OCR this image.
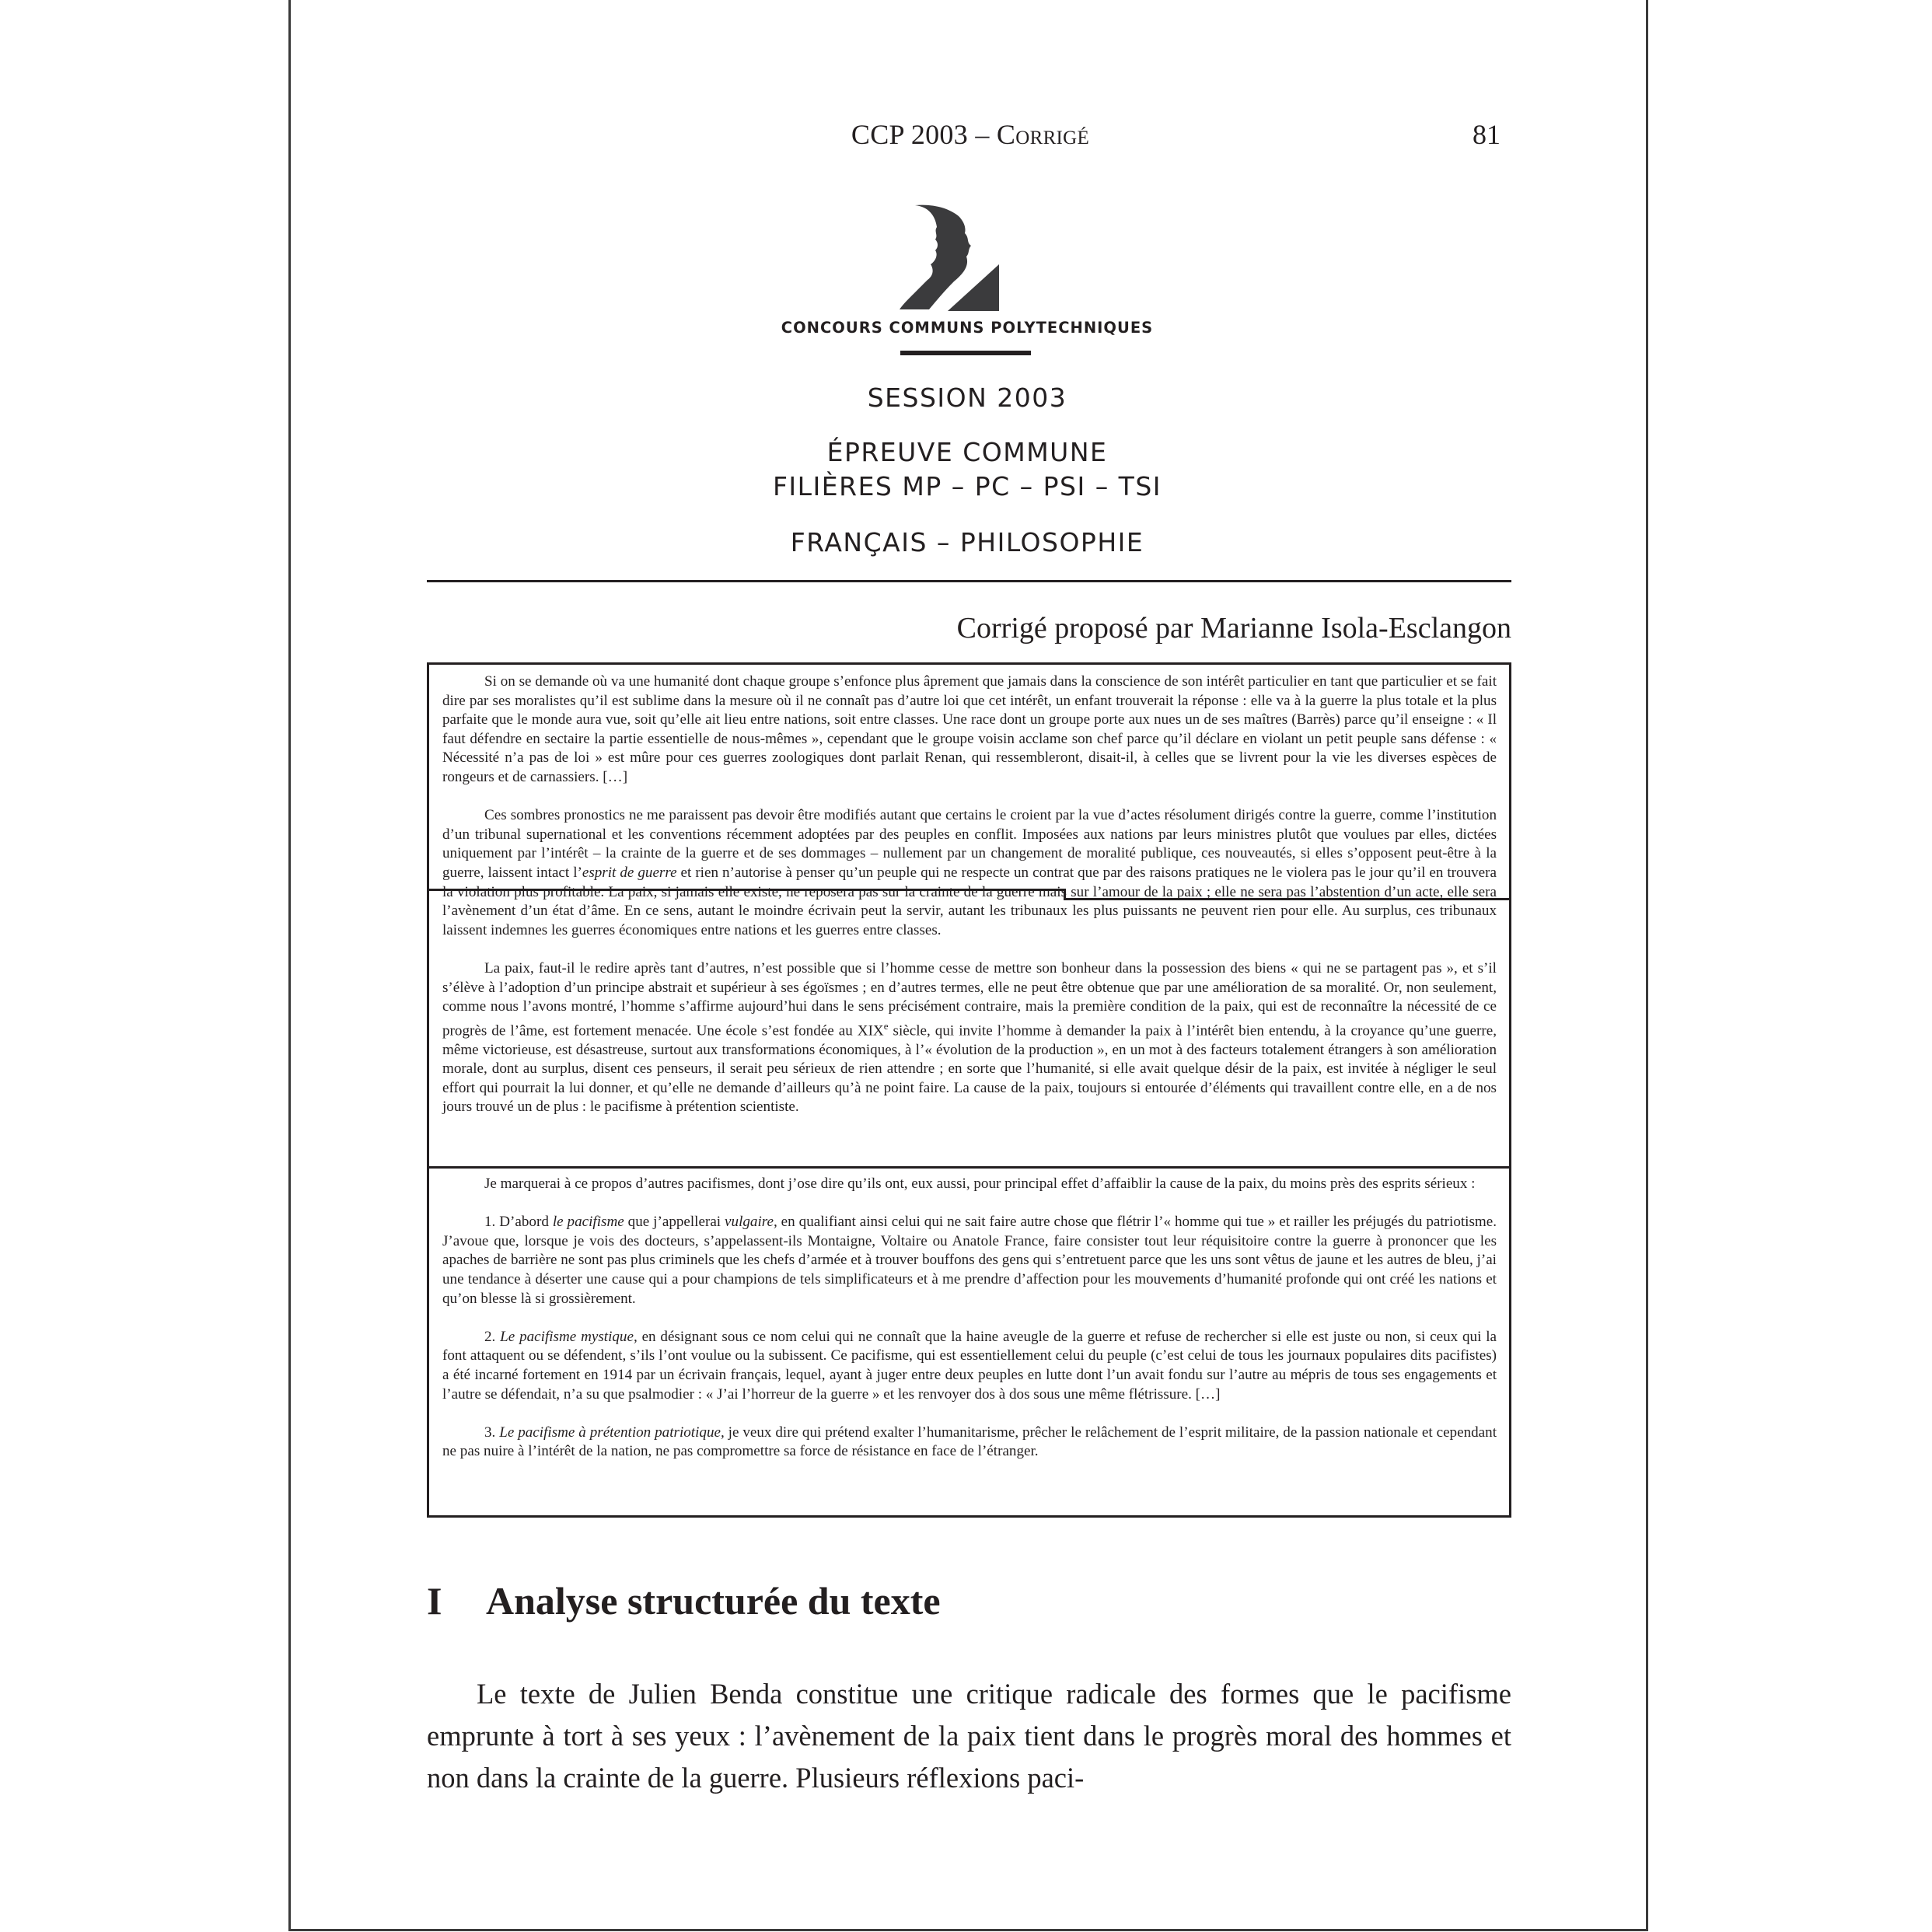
CCP 2003 – Corrigé	81
CONCOURS COMMUNS POLYTECHNIQUES
SESSION 2003
ÉPREUVE COMMUNE
FILIÈRES MP – PC – PSI – TSI
FRANÇAIS – PHILOSOPHIE
Corrigé proposé par Marianne Isola-Esclangon

Si on se demande où va une humanité dont chaque groupe s’enfonce plus âprement que jamais dans la conscience de son intérêt particulier en tant que particulier et se fait dire par ses moralistes qu’il est sublime dans la mesure où il ne connaît pas d’autre loi que cet intérêt, un enfant trouverait la réponse : elle va à la guerre la plus totale et la plus parfaite que le monde aura vue, soit qu’elle ait lieu entre nations, soit entre classes. Une race dont un groupe porte aux nues un de ses maîtres (Barrès) parce qu’il enseigne : « Il faut défendre en sectaire la partie essentielle de nous-mêmes », cependant que le groupe voisin acclame son chef parce qu’il déclare en violant un petit peuple sans défense : « Nécessité n’a pas de loi » est mûre pour ces guerres zoologiques dont parlait Renan, qui ressembleront, disait-il, à celles que se livrent pour la vie les diverses espèces de rongeurs et de carnassiers. […]

Ces sombres pronostics ne me paraissent pas devoir être modifiés autant que certains le croient par la vue d’actes résolument dirigés contre la guerre, comme l’institution d’un tribunal supernational et les conventions récemment adoptées par des peuples en conflit. Imposées aux nations par leurs ministres plutôt que voulues par elles, dictées uniquement par l’intérêt – la crainte de la guerre et de ses dommages – nullement par un changement de moralité publique, ces nouveautés, si elles s’opposent peut-être à la guerre, laissent intact l’esprit de guerre et rien n’autorise à penser qu’un peuple qui ne respecte un contrat que par des raisons pratiques ne le violera pas le jour qu’il en trouvera la violation plus profitable. La paix, si jamais elle existe, ne reposera pas sur la crainte de la guerre mais sur l’amour de la paix ; elle ne sera pas l’abstention d’un acte, elle sera l’avènement d’un état d’âme. En ce sens, autant le moindre écrivain peut la servir, autant les tribunaux les plus puissants ne peuvent rien pour elle. Au surplus, ces tribunaux laissent indemnes les guerres économiques entre nations et les guerres entre classes.

La paix, faut-il le redire après tant d’autres, n’est possible que si l’homme cesse de mettre son bonheur dans la possession des biens « qui ne se partagent pas », et s’il s’élève à l’adoption d’un principe abstrait et supérieur à ses égoïsmes ; en d’autres termes, elle ne peut être obtenue que par une amélioration de sa moralité. Or, non seulement, comme nous l’avons montré, l’homme s’affirme aujourd’hui dans le sens précisément contraire, mais la première condition de la paix, qui est de reconnaître la nécessité de ce progrès de l’âme, est fortement menacée. Une école s’est fondée au XIXe siècle, qui invite l’homme à demander la paix à l’intérêt bien entendu, à la croyance qu’une guerre, même victorieuse, est désastreuse, surtout aux transformations économiques, à l’« évolution de la production », en un mot à des facteurs totalement étrangers à son amélioration morale, dont au surplus, disent ces penseurs, il serait peu sérieux de rien attendre ; en sorte que l’humanité, si elle avait quelque désir de la paix, est invitée à négliger le seul effort qui pourrait la lui donner, et qu’elle ne demande d’ailleurs qu’à ne point faire. La cause de la paix, toujours si entourée d’éléments qui travaillent contre elle, en a de nos jours trouvé un de plus : le pacifisme à prétention scientiste.

Je marquerai à ce propos d’autres pacifismes, dont j’ose dire qu’ils ont, eux aussi, pour principal effet d’affaiblir la cause de la paix, du moins près des esprits sérieux :

1. D’abord le pacifisme que j’appellerai vulgaire, en qualifiant ainsi celui qui ne sait faire autre chose que flétrir l’« homme qui tue » et railler les préjugés du patriotisme. J’avoue que, lorsque je vois des docteurs, s’appelassent-ils Montaigne, Voltaire ou Anatole France, faire consister tout leur réquisitoire contre la guerre à prononcer que les apaches de barrière ne sont pas plus criminels que les chefs d’armée et à trouver bouffons des gens qui s’entretuent parce que les uns sont vêtus de jaune et les autres de bleu, j’ai une tendance à déserter une cause qui a pour champions de tels simplificateurs et à me prendre d’affection pour les mouvements d’humanité profonde qui ont créé les nations et qu’on blesse là si grossièrement.

2. Le pacifisme mystique, en désignant sous ce nom celui qui ne connaît que la haine aveugle de la guerre et refuse de rechercher si elle est juste ou non, si ceux qui la font attaquent ou se défendent, s’ils l’ont voulue ou la subissent. Ce pacifisme, qui est essentiellement celui du peuple (c’est celui de tous les journaux populaires dits pacifistes) a été incarné fortement en 1914 par un écrivain français, lequel, ayant à juger entre deux peuples en lutte dont l’un avait fondu sur l’autre au mépris de tous ses engagements et l’autre se défendait, n’a su que psalmodier : « J’ai l’horreur de la guerre » et les renvoyer dos à dos sous une même flétrissure. […]

3. Le pacifisme à prétention patriotique, je veux dire qui prétend exalter l’humanitarisme, prêcher le relâchement de l’esprit militaire, de la passion nationale et cependant ne pas nuire à l’intérêt de la nation, ne pas compromettre sa force de résistance en face de l’étranger.

I Analyse structurée du texte
Le texte de Julien Benda constitue une critique radicale des formes que le pacifisme emprunte à tort à ses yeux : l’avènement de la paix tient dans le progrès moral des hommes et non dans la crainte de la guerre. Plusieurs réflexions paci-
